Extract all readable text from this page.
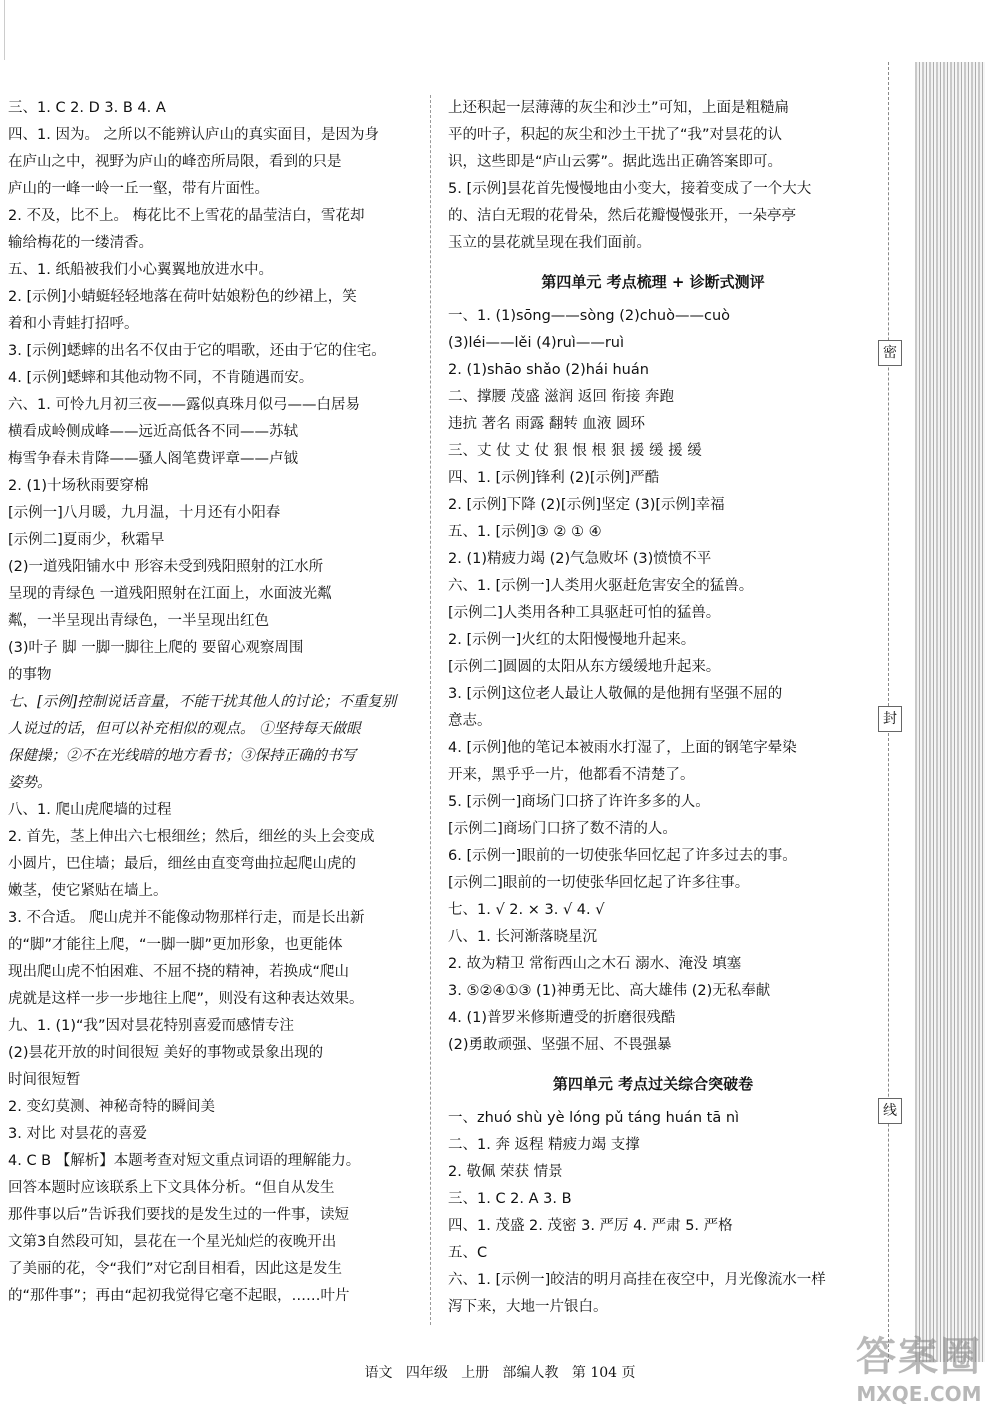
三、1. C 2. D 3. B 4. A
四、1. 因为。 之所以不能辨认庐山的真实面目，是因为身
在庐山之中，视野为庐山的峰峦所局限，看到的只是
庐山的一峰一岭一丘一壑，带有片面性。
2. 不及，比不上。 梅花比不上雪花的晶莹洁白，雪花却
输给梅花的一缕清香。
五、1. 纸船被我们小心翼翼地放进水中。
2. [示例]小蜻蜓轻轻地落在荷叶姑娘粉色的纱裙上，笑
着和小青蛙打招呼。
3. [示例]蟋蟀的出名不仅由于它的唱歌，还由于它的住宅。
4. [示例]蟋蟀和其他动物不同，不肯随遇而安。
六、1. 可怜九月初三夜——露似真珠月似弓——白居易
横看成岭侧成峰——远近高低各不同——苏轼
梅雪争春未肯降——骚人阁笔费评章——卢钺
2. (1)十场秋雨要穿棉
[示例一]八月暖，九月温，十月还有小阳春
[示例二]夏雨少，秋霜早
(2)一道残阳铺水中 形容未受到残阳照射的江水所
呈现的青绿色 一道残阳照射在江面上，水面波光粼
粼，一半呈现出青绿色，一半呈现出红色
(3)叶子 脚 一脚一脚往上爬的 要留心观察周围
的事物
七、[示例]控制说话音量，不能干扰其他人的讨论；不重复别
人说过的话，但可以补充相似的观点。 ①坚持每天做眼
保健操；②不在光线暗的地方看书；③保持正确的书写
姿势。
八、1. 爬山虎爬墙的过程
2. 首先，茎上伸出六七根细丝；然后，细丝的头上会变成
小圆片，巴住墙；最后，细丝由直变弯曲拉起爬山虎的
嫩茎，使它紧贴在墙上。
3. 不合适。 爬山虎并不能像动物那样行走，而是长出新
的“脚”才能往上爬，“一脚一脚”更加形象，也更能体
现出爬山虎不怕困难、不屈不挠的精神，若换成“爬山
虎就是这样一步一步地往上爬”，则没有这种表达效果。
九、1. (1)“我”因对昙花特别喜爱而感情专注
(2)昙花开放的时间很短 美好的事物或景象出现的
时间很短暂
2. 变幻莫测、神秘奇特的瞬间美
3. 对比 对昙花的喜爱
4. C B 【解析】本题考查对短文重点词语的理解能力。
回答本题时应该联系上下文具体分析。“但自从发生
那件事以后”告诉我们要找的是发生过的一件事，读短
文第3自然段可知，昙花在一个星光灿烂的夜晚开出
了美丽的花，令“我们”对它刮目相看，因此这是发生
的“那件事”；再由“起初我觉得它毫不起眼，……叶片
上还积起一层薄薄的灰尘和沙土”可知，上面是粗糙扁
平的叶子，积起的灰尘和沙土干扰了“我”对昙花的认
识，这些即是“庐山云雾”。据此选出正确答案即可。
5. [示例]昙花首先慢慢地由小变大，接着变成了一个大大
的、洁白无瑕的花骨朵，然后花瓣慢慢张开，一朵亭亭
玉立的昙花就呈现在我们面前。
第四单元 考点梳理 + 诊断式测评
一、1. (1)sōng——sòng (2)chuò——cuò
(3)léi——lěi (4)ruì——ruì
2. (1)shāo shǎo (2)hái huán
二、撑腰 茂盛 滋润 返回 衔接 奔跑
违抗 著名 雨露 翻转 血液 圆环
三、丈 仗 丈 仗 狠 恨 根 狠 援 缓 援 缓
四、1. [示例]锋利 (2)[示例]严酷
2. [示例]下降 (2)[示例]坚定 (3)[示例]幸福
五、1. [示例]③ ② ① ④
2. (1)精疲力竭 (2)气急败坏 (3)愤愤不平
六、1. [示例一]人类用火驱赶危害安全的猛兽。
[示例二]人类用各种工具驱赶可怕的猛兽。
2. [示例一]火红的太阳慢慢地升起来。
[示例二]圆圆的太阳从东方缓缓地升起来。
3. [示例]这位老人最让人敬佩的是他拥有坚强不屈的
意志。
4. [示例]他的笔记本被雨水打湿了，上面的钢笔字晕染
开来，黑乎乎一片，他都看不清楚了。
5. [示例一]商场门口挤了许许多多的人。
[示例二]商场门口挤了数不清的人。
6. [示例一]眼前的一切使张华回忆起了许多过去的事。
[示例二]眼前的一切使张华回忆起了许多往事。
七、1. √ 2. × 3. √ 4. √
八、1. 长河渐落晓星沉
2. 故为精卫 常衔西山之木石 溺水、淹没 填塞
3. ⑤②④①③ (1)神勇无比、高大雄伟 (2)无私奉献
4. (1)普罗米修斯遭受的折磨很残酷
(2)勇敢顽强、坚强不屈、不畏强暴
第四单元 考点过关综合突破卷
一、zhuó shù yè lóng pǔ táng huán tā nì
二、1. 奔 返程 精疲力竭 支撑
2. 敬佩 荣获 情景
三、1. C 2. A 3. B
四、1. 茂盛 2. 茂密 3. 严厉 4. 严肃 5. 严格
五、C
六、1. [示例一]皎洁的明月高挂在夜空中，月光像流水一样
泻下来，大地一片银白。
密
封
线
语文 四年级 上册 部编人教 第 104 页	答案圈
MXQE.COM
